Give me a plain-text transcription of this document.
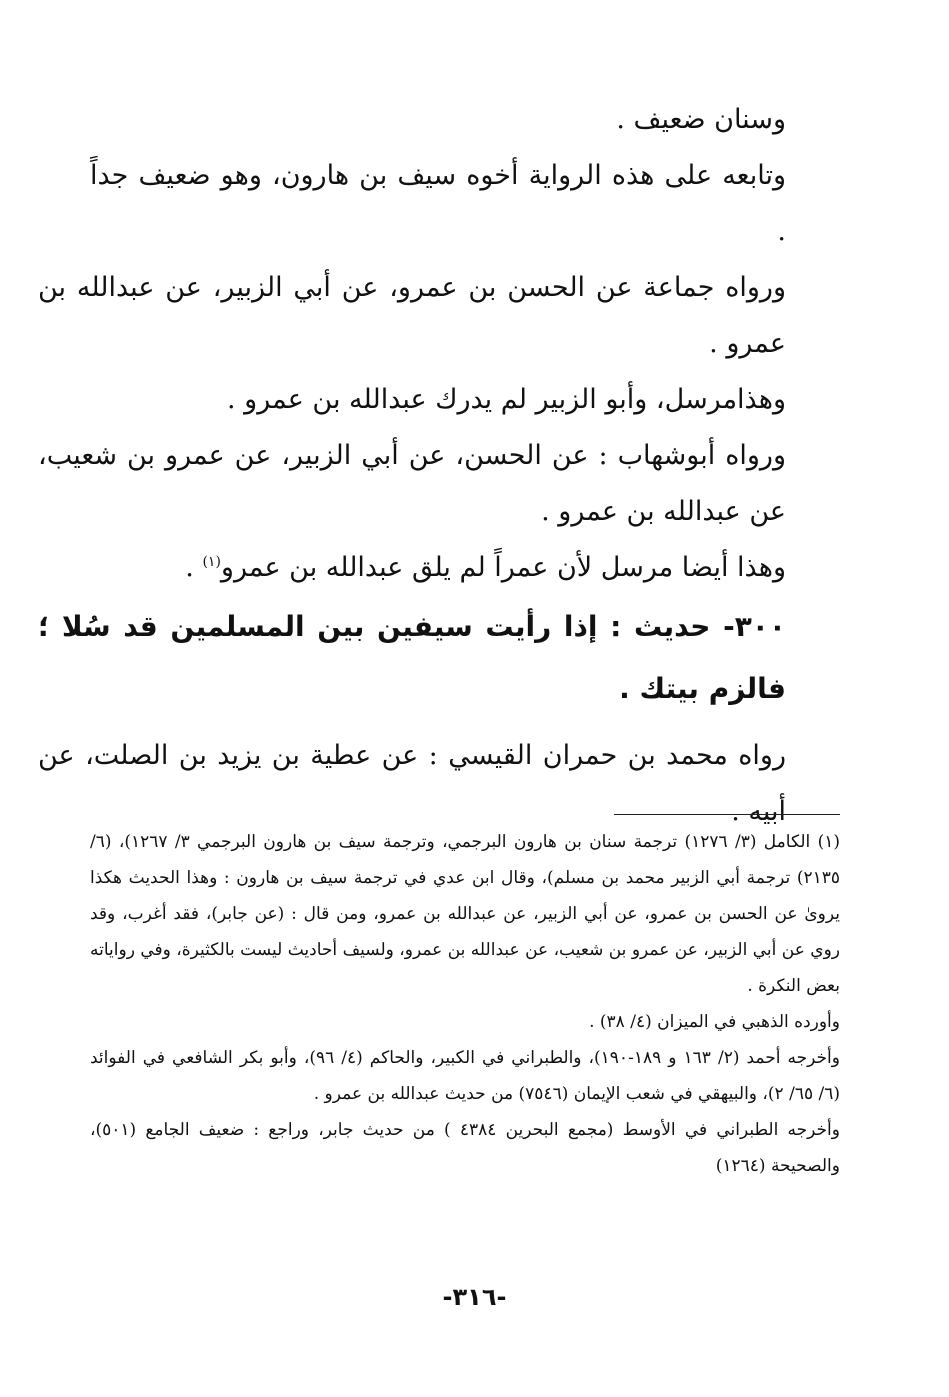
وسنان ضعيف .

وتابعه على هذه الرواية أخوه سيف بن هارون، وهو ضعيف جداً .

ورواه جماعة عن الحسن بن عمرو، عن أبي الزبير، عن عبدالله بن عمرو .

وهذامرسل، وأبو الزبير لم يدرك عبدالله بن عمرو .

ورواه أبوشهاب : عن الحسن، عن أبي الزبير، عن عمرو بن شعيب، عن عبدالله بن عمرو .

وهذا أيضا مرسل لأن عمراً لم يلق عبدالله بن عمرو$^{(١)}$ .

٣٠٠- حديث : إذا رأيت سيفين بين المسلمين قد سُلا ؛ فالزم بيتك .

رواه محمد بن حمران القيسي : عن عطية بن يزيد بن الصلت، عن أبيه .

(١) الكامل (٣/ ١٢٧٦) ترجمة سنان بن هارون البرجمي، وترجمة سيف بن هارون البرجمي ٣/ ١٢٦٧)، (٦/ ٢١٣٥) ترجمة أبي الزبير محمد بن مسلم)، وقال ابن عدي في ترجمة سيف بن هارون : وهذا الحديث هكذا يروىٰ عن الحسن بن عمرو، عن أبي الزبير، عن عبدالله بن عمرو، ومن قال : (عن جابر)، فقد أغرب، وقد روي عن أبي الزبير، عن عمرو بن شعيب، عن عبدالله بن عمرو، ولسيف أحاديث ليست بالكثيرة، وفي رواياته بعض النكرة .

وأورده الذهبي في الميزان (٤/ ٣٨) .

وأخرجه أحمد (٢/ ١٦٣ و ١٨٩-١٩٠)، والطبراني في الكبير، والحاكم (٤/ ٩٦)، وأبو بكر الشافعي في الفوائد (٦/ ٦٥/ ٢)، والبيهقي في شعب الإيمان (٧٥٤٦) من حديث عبدالله بن عمرو .

وأخرجه الطبراني في الأوسط (مجمع البحرين ٤٣٨٤ ) من حديث جابر، وراجع : ضعيف الجامع (٥٠١)، والصحيحة (١٢٦٤)

-٣١٦-
